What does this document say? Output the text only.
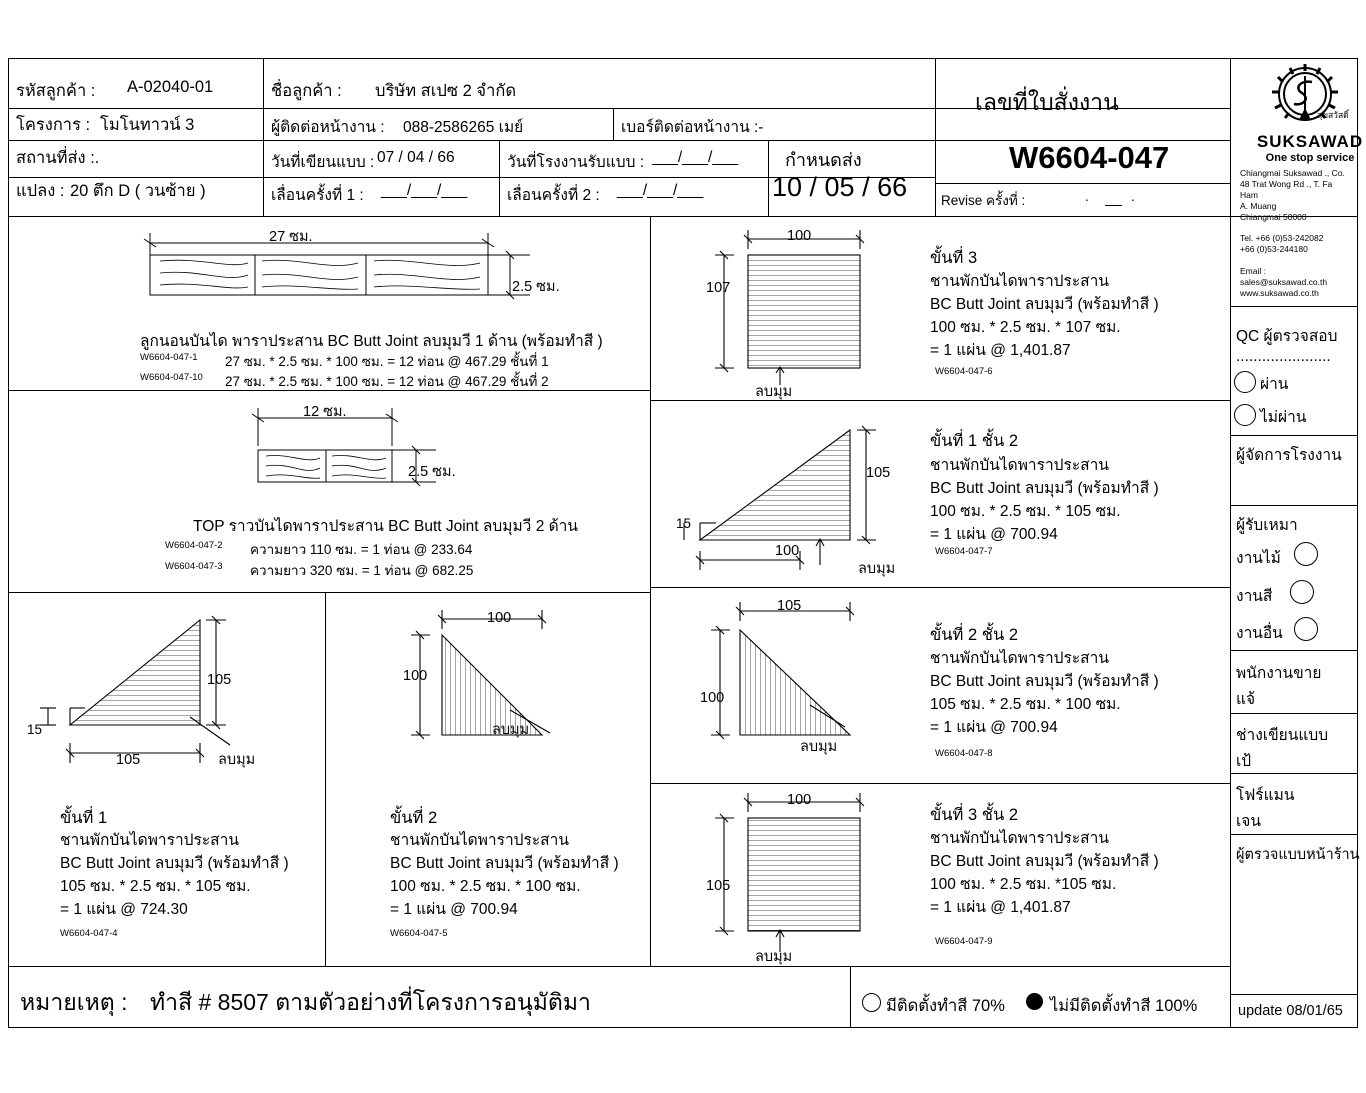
รหัสลูกค้า : A-02040-01
โครงการ : โมโนทาวน์ 3
สถานที่ส่ง :.
แปลง : 20 ตึก D ( วนซ้าย )
ชื่อลูกค้า : บริษัท สเปซ 2 จำกัด
ผู้ติดต่อหน้างาน : 088-2586265 เมย์	เบอร์ติดต่อหน้างาน :-
วันที่เขียนแบบ : 07 / 04 / 66
เลื่อนครั้งที่ 1 : ___/___/___
วันที่โรงงานรับแบบ : ___/___/___
เลื่อนครั้งที่ 2 : ___/___/___
กำหนดส่ง
10 / 05 / 66
เลขที่ใบสั่งงาน
W6604-047
Revise ครั้งที่ :	.	.
สุขสวัสดิ์
SUKSAWAD
One stop service
Chiangmai Suksawad ., Co.
48 Trat Wong Rd ., T. Fa
Ham
A. Muang
Chiangmai 50000
Tel. +66 (0)53-242082
+66 (0)53-244180
Email :
sales@suksawad.co.th
www.suksawad.co.th
QC ผู้ตรวจสอบ
......................
ผ่าน
ไม่ผ่าน
ผู้จัดการโรงงาน
ผู้รับเหมา
งานไม้
งานสี
งานอื่น
พนักงานขาย
แจ้
ช่างเขียนแบบ
เป้
โฟร์แมน
เจน
ผู้ตรวจแบบหน้าร้าน
27 ซม.
2.5 ซม.
ลูกนอนบันได พาราประสาน BC Butt Joint ลบมุมวี 1 ด้าน (พร้อมทำสี )
W6604-047-1 27 ซม. * 2.5 ซม. * 100 ซม. = 12 ท่อน @ 467.29 ชั้นที่ 1
W6604-047-10 27 ซม. * 2.5 ซม. * 100 ซม. = 12 ท่อน @ 467.29 ชั้นที่ 2
12 ซม.
2.5 ซม.
TOP ราวบันไดพาราประสาน BC Butt Joint ลบมุมวี 2 ด้าน
W6604-047-2 ความยาว 110 ซม. = 1 ท่อน @ 233.64
W6604-047-3 ความยาว 320 ซม. = 1 ท่อน @ 682.25
105
105
15
ลบมุม
ขั้นที่ 1
ชานพักบันไดพาราประสาน
BC Butt Joint ลบมุมวี (พร้อมทำสี )
105 ซม. * 2.5 ซม. * 105 ซม.
= 1 แผ่น @ 724.30
W6604-047-4
100
100
ลบมุม
ขั้นที่ 2
ชานพักบันไดพาราประสาน
BC Butt Joint ลบมุมวี (พร้อมทำสี )
100 ซม. * 2.5 ซม. * 100 ซม.
= 1 แผ่น @ 700.94
W6604-047-5
100
107
ลบมุม
ขั้นที่ 3
ชานพักบันไดพาราประสาน
BC Butt Joint ลบมุมวี (พร้อมทำสี )
100 ซม. * 2.5 ซม. * 107 ซม.
= 1 แผ่น @ 1,401.87
W6604-047-6
105
100
15
ลบมุม
ขั้นที่ 1 ชั้น 2
ชานพักบันไดพาราประสาน
BC Butt Joint ลบมุมวี (พร้อมทำสี )
100 ซม. * 2.5 ซม. * 105 ซม.
= 1 แผ่น @ 700.94
W6604-047-7
105
100
ลบมุม
ขั้นที่ 2 ชั้น 2
ชานพักบันไดพาราประสาน
BC Butt Joint ลบมุมวี (พร้อมทำสี )
105 ซม. * 2.5 ซม. * 100 ซม.
= 1 แผ่น @ 700.94
W6604-047-8
100
105
ลบมุม
ขั้นที่ 3 ชั้น 2
ชานพักบันไดพาราประสาน
BC Butt Joint ลบมุมวี (พร้อมทำสี )
100 ซม. * 2.5 ซม. *105 ซม.
= 1 แผ่น @ 1,401.87
W6604-047-9
หมายเหตุ : ทำสี # 8507 ตามตัวอย่างที่โครงการอนุมัติมา	มีติดตั้งทำสี 70%	ไม่มีติดตั้งทำสี 100%	update 08/01/65
